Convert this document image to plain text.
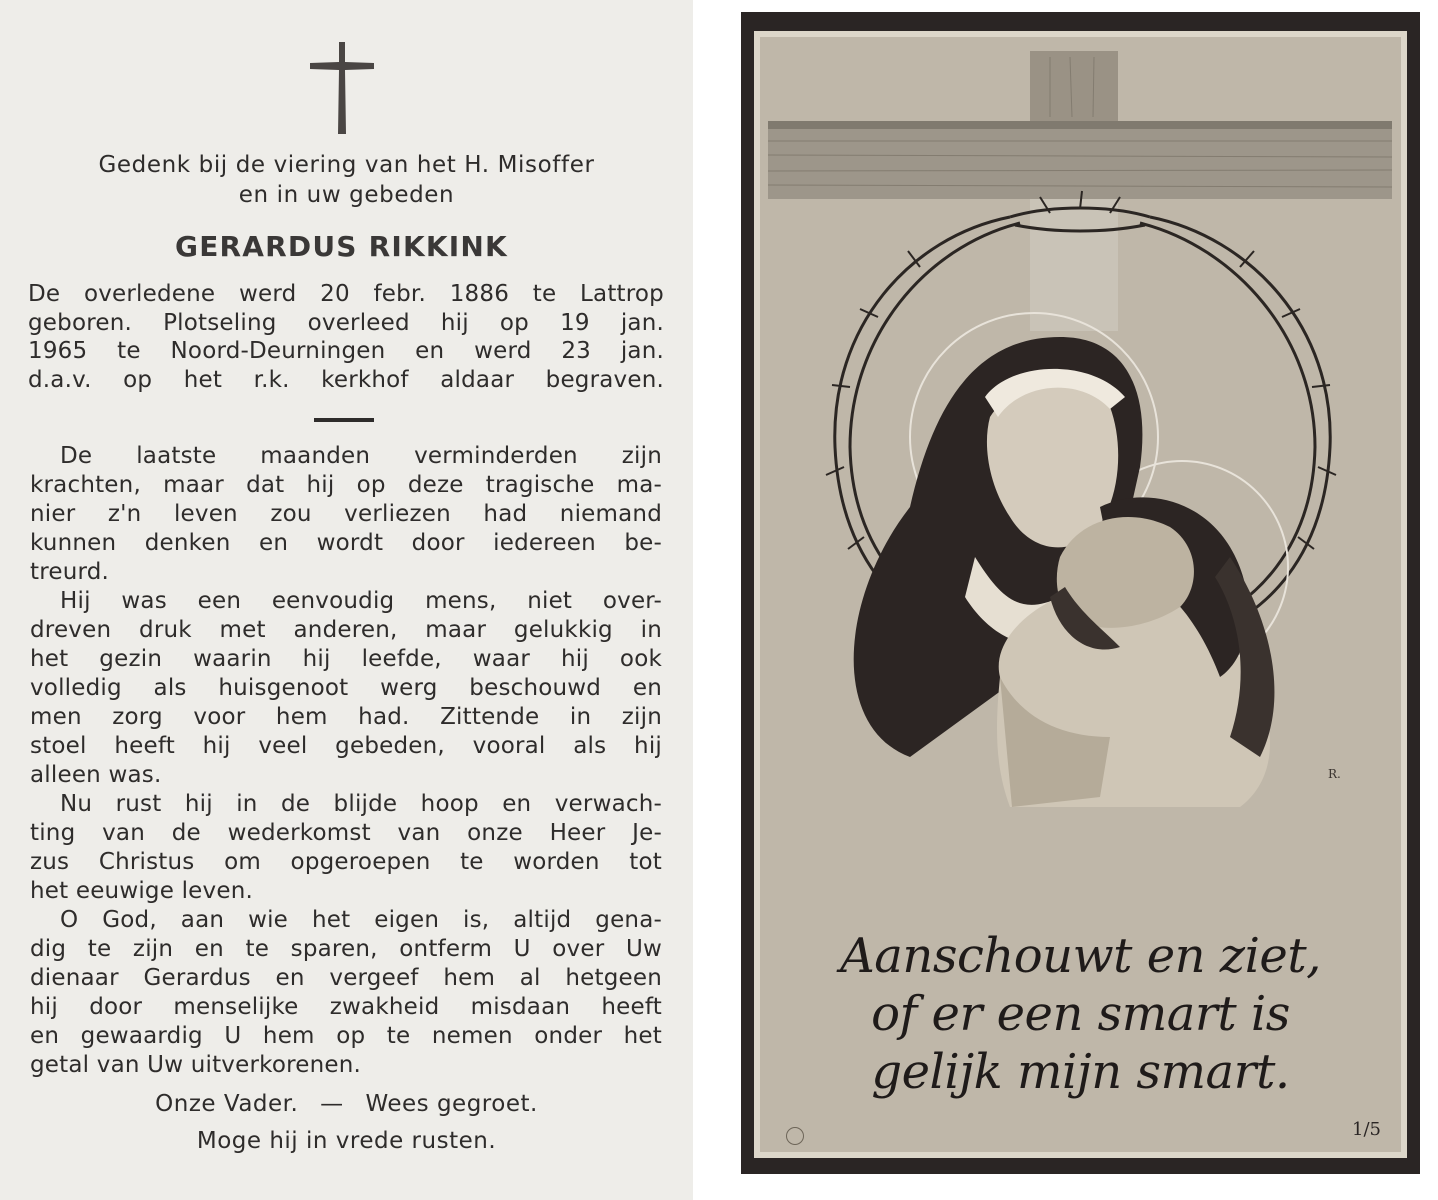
Gedenk bij de viering van het H. Misoffer
en in uw gebeden
GERARDUS RIKKINK
De overledene werd 20 febr. 1886 te Lattrop
geboren. Plotseling overleed hij op 19 jan.
1965 te Noord-Deurningen en werd 23 jan.
d.a.v. op het r.k. kerkhof aldaar begraven.
De laatste maanden verminderden zijn
krachten, maar dat hij op deze tragische ma-
nier z'n leven zou verliezen had niemand
kunnen denken en wordt door iedereen be-
treurd.
Hij was een eenvoudig mens, niet over-
dreven druk met anderen, maar gelukkig in
het gezin waarin hij leefde, waar hij ook
volledig als huisgenoot werg beschouwd en
men zorg voor hem had. Zittende in zijn
stoel heeft hij veel gebeden, vooral als hij
alleen was.
Nu rust hij in de blijde hoop en verwach-
ting van de wederkomst van onze Heer Je-
zus Christus om opgeroepen te worden tot
het eeuwige leven.
O God, aan wie het eigen is, altijd gena-
dig te zijn en te sparen, ontferm U over Uw
dienaar Gerardus en vergeef hem al hetgeen
hij door menselijke zwakheid misdaan heeft
en gewaardig U hem op te nemen onder het
getal van Uw uitverkorenen.
Onze Vader. — Wees gegroet.
Moge hij in vrede rusten.
R.
Aanschouwt en ziet,
of er een smart is
gelijk mijn smart.
1/5
